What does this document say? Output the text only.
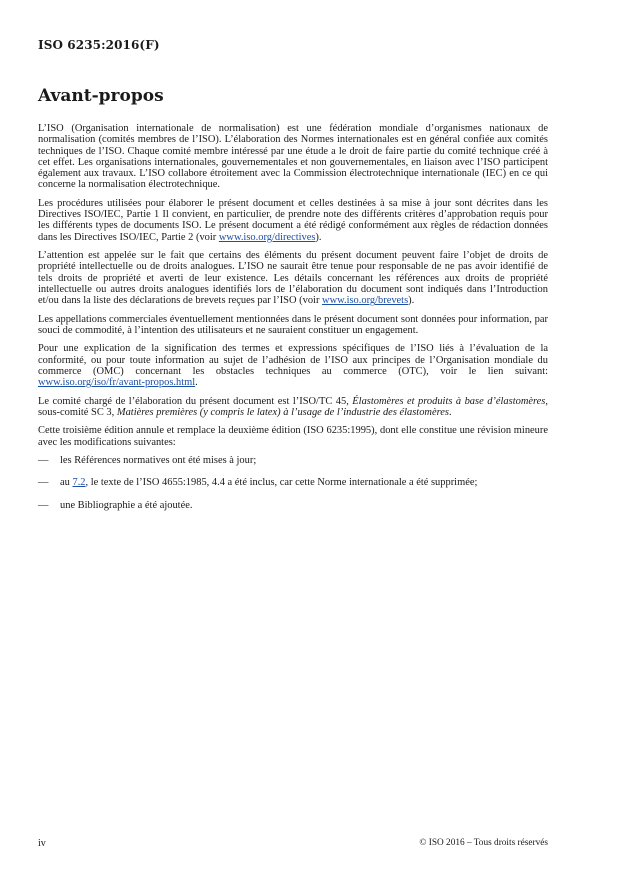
ISO 6235:2016(F)
Avant-propos

L’ISO (Organisation internationale de normalisation) est une fédération mondiale d’organismes nationaux de normalisation (comités membres de l’ISO). L’élaboration des Normes internationales est en général confiée aux comités techniques de l’ISO. Chaque comité membre intéressé par une étude a le droit de faire partie du comité technique créé à cet effet. Les organisations internationales, gouvernementales et non gouvernementales, en liaison avec l’ISO participent également aux travaux. L’ISO collabore étroitement avec la Commission électrotechnique internationale (IEC) en ce qui concerne la normalisation électrotechnique.

Les procédures utilisées pour élaborer le présent document et celles destinées à sa mise à jour sont décrites dans les Directives ISO/IEC, Partie 1 Il convient, en particulier, de prendre note des différents critères d’approbation requis pour les différents types de documents ISO. Le présent document a été rédigé conformément aux règles de rédaction données dans les Directives ISO/IEC, Partie 2 (voir www.iso.org/directives).

L’attention est appelée sur le fait que certains des éléments du présent document peuvent faire l’objet de droits de propriété intellectuelle ou de droits analogues. L’ISO ne saurait être tenue pour responsable de ne pas avoir identifié de tels droits de propriété et averti de leur existence. Les détails concernant les références aux droits de propriété intellectuelle ou autres droits analogues identifiés lors de l’élaboration du document sont indiqués dans l’Introduction et/ou dans la liste des déclarations de brevets reçues par l’ISO (voir www.iso.org/brevets).

Les appellations commerciales éventuellement mentionnées dans le présent document sont données pour information, par souci de commodité, à l’intention des utilisateurs et ne sauraient constituer un engagement.

Pour une explication de la signification des termes et expressions spécifiques de l’ISO liés à l’évaluation de la conformité, ou pour toute information au sujet de l’adhésion de l’ISO aux principes de l’Organisation mondiale du commerce (OMC) concernant les obstacles techniques au commerce (OTC), voir le lien suivant: www.iso.org/iso/fr/avant-propos.html.

Le comité chargé de l’élaboration du présent document est l’ISO/TC 45, Élastomères et produits à base d’élastomères, sous-comité SC 3, Matières premières (y compris le latex) à l’usage de l’industrie des élastomères.

Cette troisième édition annule et remplace la deuxième édition (ISO 6235:1995), dont elle constitue une révision mineure avec les modifications suivantes:

— les Références normatives ont été mises à jour;

— au 7.2, le texte de l’ISO 4655:1985, 4.4 a été inclus, car cette Norme internationale a été supprimée;

— une Bibliographie a été ajoutée.

iv	© ISO 2016 – Tous droits réservés
